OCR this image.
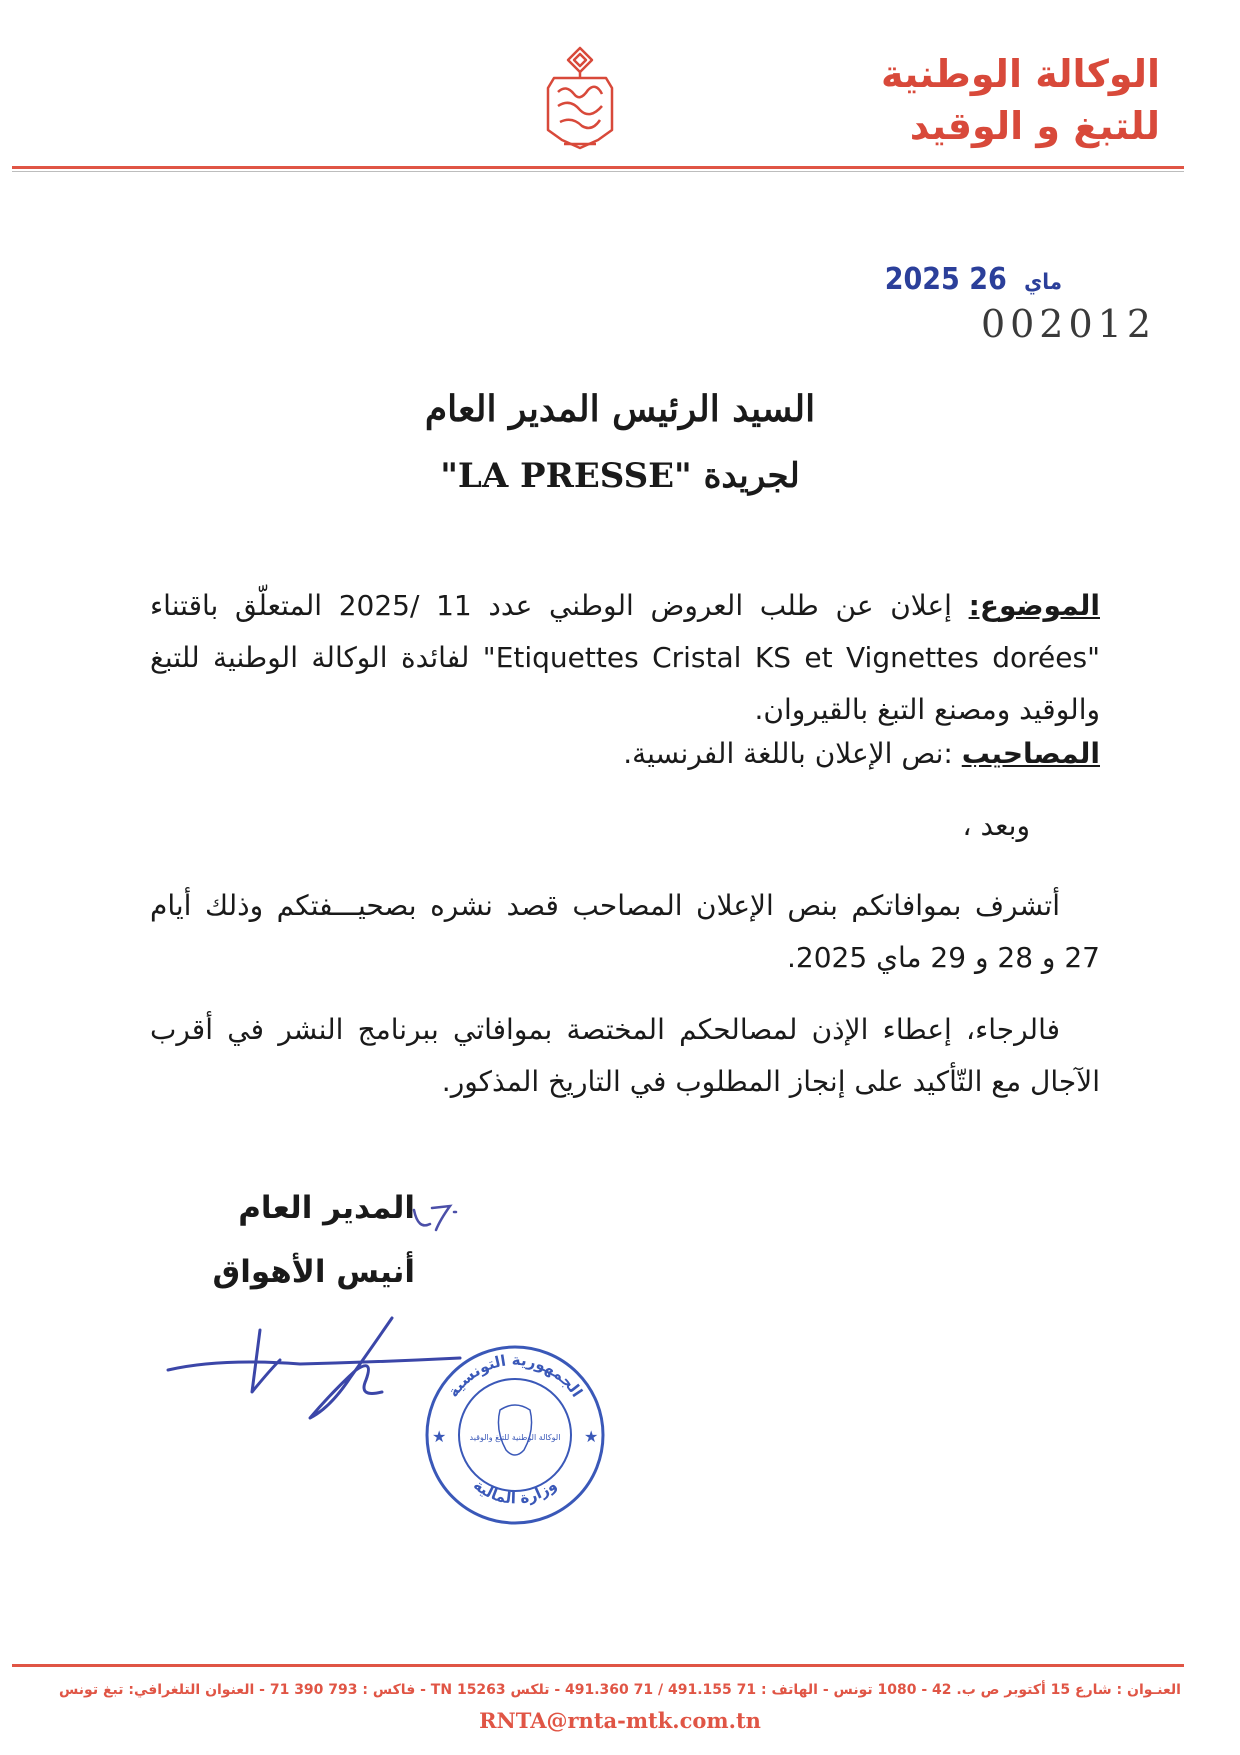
الوكالة الوطنية
للتبغ و الوقيد
2025	ماي 26
002012
السيد الرئيس المدير العام
لجريدة "LA PRESSE"
الموضوع: إعلان عن طلب العروض الوطني عدد 11 /2025 المتعلّق باقتناء "Etiquettes Cristal KS et Vignettes dorées" لفائدة الوكالة الوطنية للتبغ والوقيد ومصنع التبغ بالقيروان.
المصاحيب :نص الإعلان باللغة الفرنسية.
وبعد ،
أتشرف بموافاتكم بنص الإعلان المصاحب قصد نشره بصحيـــفتكم وذلك أيام 27 و 28 و 29 ماي 2025.
فالرجاء، إعطاء الإذن لمصالحكم المختصة بموافاتي ببرنامج النشر في أقرب الآجال مع التّأكيد على إنجاز المطلوب في التاريخ المذكور.
المدير العام
أنيس الأهواق
الجمهورية التونسية
وزارة المالية
★	★
الوكالة الوطنية للتبغ والوقيد
العنـوان : شارع 15 أكتوبر ص ب. 42 - 1080 تونس - الهاتف : 71 491.155 / 71 491.360 - تلكس 15263 TN - فاكس : 793 390 71 - العنوان التلغرافي: تبغ تونس
RNTA@rnta-mtk.com.tn
